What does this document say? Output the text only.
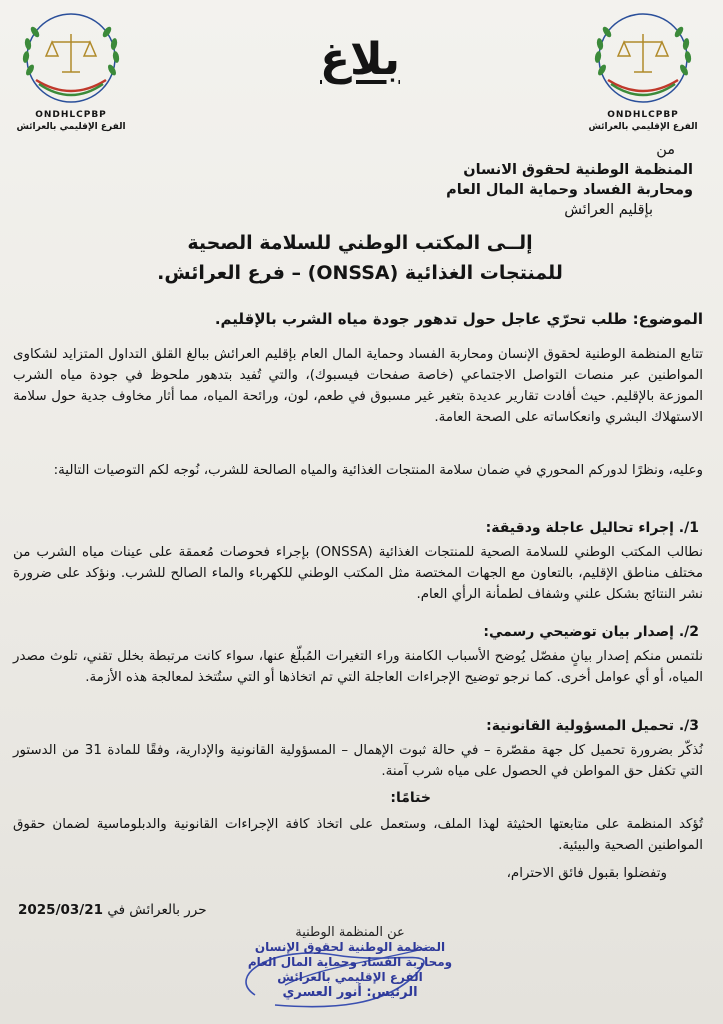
ONDHLCPBP
الفرع الإقليمي بالعرائش
ONDHLCPBP
الفرع الإقليمي بالعرائش
بلاغ
من
المنظمة الوطنية لحقوق الانسان
ومحاربة الفساد وحماية المال العام
بإقليم العرائش
إلــى المكتب الوطني للسلامة الصحية
للمنتجات الغذائية (ONSSA) – فرع العرائش.
الموضوع: طلب تحرّي عاجل حول تدهور جودة مياه الشرب بالإقليم.
تتابع المنظمة الوطنية لحقوق الإنسان ومحاربة الفساد وحماية المال العام بإقليم العرائش ببالغ القلق التداول المتزايد لشكاوى المواطنين عبر منصات التواصل الاجتماعي (خاصة صفحات فيسبوك)، والتي تُفيد بتدهور ملحوظ في جودة مياه الشرب الموزعة بالإقليم. حيث أفادت تقارير عديدة بتغير غير مسبوق في طعم، لون، ورائحة المياه، مما أثار مخاوف جدية حول سلامة الاستهلاك البشري وانعكاساته على الصحة العامة.
وعليه، ونظرًا لدوركم المحوري في ضمان سلامة المنتجات الغذائية والمياه الصالحة للشرب، نُوجه لكم التوصيات التالية:
1/. إجراء تحاليل عاجلة ودقيقة:
نطالب المكتب الوطني للسلامة الصحية للمنتجات الغذائية (ONSSA) بإجراء فحوصات مُعمقة على عينات مياه الشرب من مختلف مناطق الإقليم، بالتعاون مع الجهات المختصة مثل المكتب الوطني للكهرباء والماء الصالح للشرب. ونؤكد على ضرورة نشر النتائج بشكل علني وشفاف لطمأنة الرأي العام.
2/. إصدار بيان توضيحي رسمي:
نلتمس منكم إصدار بيانٍ مفصّل يُوضح الأسباب الكامنة وراء التغيرات المُبلّغ عنها، سواء كانت مرتبطة بخلل تقني، تلوث مصدر المياه، أو أي عوامل أخرى. كما نرجو توضيح الإجراءات العاجلة التي تم اتخاذها أو التي ستُتخذ لمعالجة هذه الأزمة.
3/. تحميل المسؤولية القانونية:
نُذكّر بضرورة تحميل كل جهة مقصّرة – في حالة ثبوت الإهمال – المسؤولية القانونية والإدارية، وفقًا للمادة 31 من الدستور التي تكفل حق المواطن في الحصول على مياه شرب آمنة.
ختامًا:
تُؤكد المنظمة على متابعتها الحثيثة لهذا الملف، وستعمل على اتخاذ كافة الإجراءات القانونية والدبلوماسية لضمان حقوق المواطنين الصحية والبيئية.
وتفضلوا بقبول فائق الاحترام،
حرر بالعرائش في 2025/03/21
عن المنظمة الوطنية
المنظمة الوطنية لحقوق الإنسان
ومحاربة الفساد وحماية المال العام
الفرع الإقليمي بالعرائش
الرئيس: أنور العسري
